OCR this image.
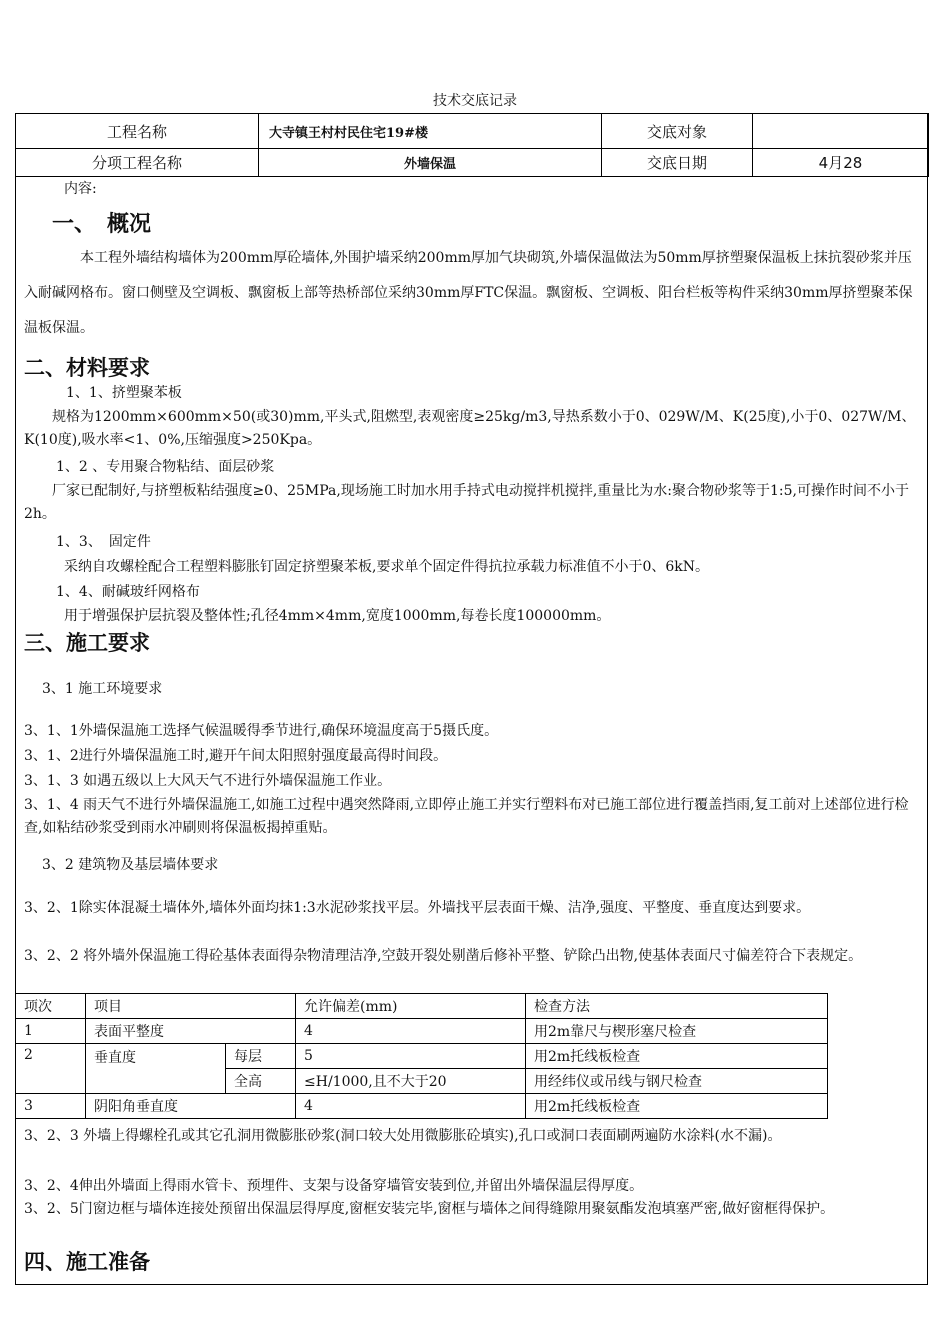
技术交底记录
工程名称	大寺镇王村村民住宅19#楼	交底对象	
分项工程名称	外墙保温	交底日期	4月28
内容:
一、　概况
本工程外墙结构墙体为200mm厚砼墙体,外围护墙采纳200mm厚加气块砌筑,外墙保温做法为50mm厚挤塑聚保温板上抹抗裂砂浆并压入耐碱网格布。窗口侧壁及空调板、飘窗板上部等热桥部位采纳30mm厚FTC保温。飘窗板、空调板、阳台栏板等构件采纳30mm厚挤塑聚苯保温板保温。
二、材料要求
1、1、挤塑聚苯板
规格为1200mm×600mm×50(或30)mm,平头式,阻燃型,表观密度≥25kg/m3,导热系数小于0、029W/M、K(25度),小于0、027W/M、K(10度),吸水率<1、0%,压缩强度>250Kpa。
1、2 、专用聚合物粘结、面层砂浆
厂家已配制好,与挤塑板粘结强度≥0、25MPa,现场施工时加水用手持式电动搅拌机搅拌,重量比为水:聚合物砂浆等于1:5,可操作时间不小于2h。
1、3、　固定件
采纳自攻螺栓配合工程塑料膨胀钉固定挤塑聚苯板,要求单个固定件得抗拉承载力标准值不小于0、6kN。
1、4、耐碱玻纤网格布
用于增强保护层抗裂及整体性;孔径4mm×4mm,宽度1000mm,每卷长度100000mm。
三、施工要求
3、1 施工环境要求
3、1、1外墙保温施工选择气候温暖得季节进行,确保环境温度高于5摄氏度。
3、1、2进行外墙保温施工时,避开午间太阳照射强度最高得时间段。
3、1、3 如遇五级以上大风天气不进行外墙保温施工作业。
3、1、4 雨天气不进行外墙保温施工,如施工过程中遇突然降雨,立即停止施工并实行塑料布对已施工部位进行覆盖挡雨,复工前对上述部位进行检查,如粘结砂浆受到雨水冲刷则将保温板揭掉重贴。
3、2 建筑物及基层墙体要求
3、2、1除实体混凝土墙体外,墙体外面均抹1:3水泥砂浆找平层。外墙找平层表面干燥、洁净,强度、平整度、垂直度达到要求。
3、2、2 将外墙外保温施工得砼基体表面得杂物清理洁净,空鼓开裂处剔凿后修补平整、铲除凸出物,使基体表面尺寸偏差符合下表规定。
项次	项目		允许偏差(mm)	检查方法
1	表面平整度		4	用2m靠尺与楔形塞尺检查
2	垂直度	每层	5	用2m托线板检查
		全高	≤H/1000,且不大于20	用经纬仪或吊线与钢尺检查
3	阴阳角垂直度		4	用2m托线板检查
3、2、3 外墙上得螺栓孔或其它孔洞用微膨胀砂浆(洞口较大处用微膨胀砼填实),孔口或洞口表面刷两遍防水涂料(水不漏)。
3、2、4伸出外墙面上得雨水管卡、预埋件、支架与设备穿墙管安装到位,并留出外墙保温层得厚度。
3、2、5门窗边框与墙体连接处预留出保温层得厚度,窗框安装完毕,窗框与墙体之间得缝隙用聚氨酯发泡填塞严密,做好窗框得保护。
四、施工准备
